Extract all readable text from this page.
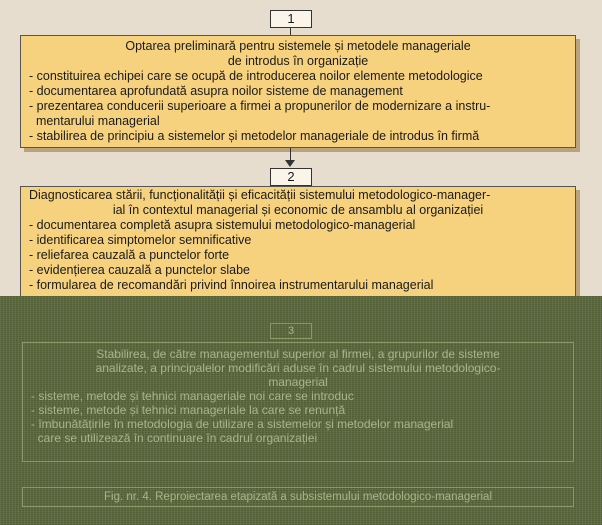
1
Optarea preliminară pentru sistemele și metodele manageriale
de introdus în organizație
- constituirea echipei care se ocupă de introducerea noilor elemente metodologice
- documentarea aprofundată asupra noilor sisteme de management
- prezentarea conducerii superioare a firmei a propunerilor de modernizare a instru-
mentarului managerial
- stabilirea de principiu a sistemelor și metodelor manageriale de introdus în firmă
2
Diagnosticarea stării, funcționalității și eficacității sistemului metodologico-manager-
ial în contextul managerial și economic de ansamblu al organizației
- documentarea completă asupra sistemului metodologico-managerial
- identificarea simptomelor semnificative
- reliefarea cauzală a punctelor forte
- evidențierea cauzală a punctelor slabe
- formularea de recomandări privind înnoirea instrumentarului managerial
3
Stabilirea, de către managementul superior al firmei, a grupurilor de sisteme
analizate, a principalelor modificări aduse în cadrul sistemului metodologico-
managerial
- sisteme, metode și tehnici manageriale noi care se introduc
- sisteme, metode și tehnici manageriale la care se renunță
- îmbunătățirile în metodologia de utilizare a sistemelor și metodelor managerial
care se utilizează în continuare în cadrul organizației
Fig. nr. 4. Reproiectarea etapizată a subsistemului metodologico-managerial
